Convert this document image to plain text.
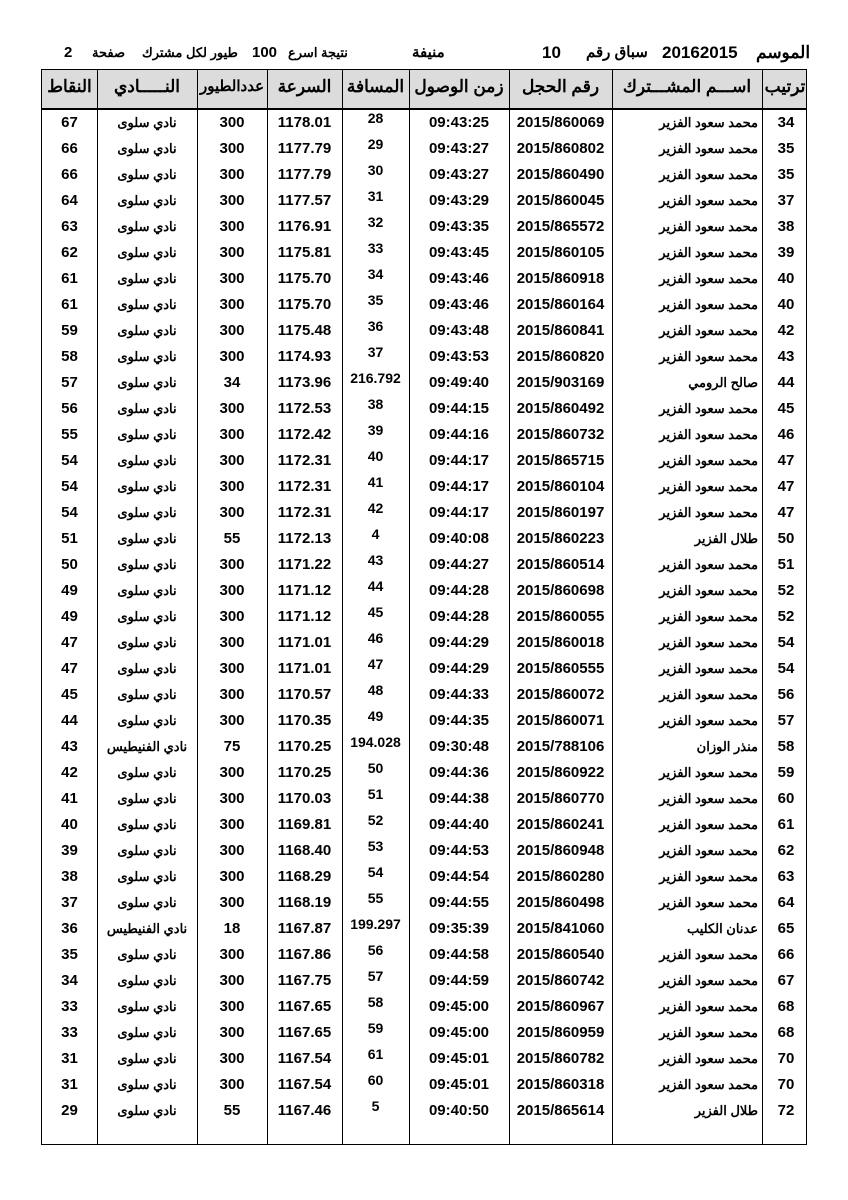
الموسم
20162015
سباق رقم
10
منيفة
نتيجة اسرع
100
طيور لكل مشترك
صفحة
2
ترتيب
اســـم المشـــترك
رقم الحجل
زمن الوصول
المسافة
السرعة
عددالطيور
النـــــادي
النقاط
34
محمد سعود الفزير
2015/860069
09:43:25
28
1178.01
300
نادي سلوى
67
35
محمد سعود الفزير
2015/860802
09:43:27
29
1177.79
300
نادي سلوى
66
35
محمد سعود الفزير
2015/860490
09:43:27
30
1177.79
300
نادي سلوى
66
37
محمد سعود الفزير
2015/860045
09:43:29
31
1177.57
300
نادي سلوى
64
38
محمد سعود الفزير
2015/865572
09:43:35
32
1176.91
300
نادي سلوى
63
39
محمد سعود الفزير
2015/860105
09:43:45
33
1175.81
300
نادي سلوى
62
40
محمد سعود الفزير
2015/860918
09:43:46
34
1175.70
300
نادي سلوى
61
40
محمد سعود الفزير
2015/860164
09:43:46
35
1175.70
300
نادي سلوى
61
42
محمد سعود الفزير
2015/860841
09:43:48
36
1175.48
300
نادي سلوى
59
43
محمد سعود الفزير
2015/860820
09:43:53
37
1174.93
300
نادي سلوى
58
44
صالح الرومي
2015/903169
09:49:40
216.792
1173.96
34
نادي سلوى
57
45
محمد سعود الفزير
2015/860492
09:44:15
38
1172.53
300
نادي سلوى
56
46
محمد سعود الفزير
2015/860732
09:44:16
39
1172.42
300
نادي سلوى
55
47
محمد سعود الفزير
2015/865715
09:44:17
40
1172.31
300
نادي سلوى
54
47
محمد سعود الفزير
2015/860104
09:44:17
41
1172.31
300
نادي سلوى
54
47
محمد سعود الفزير
2015/860197
09:44:17
42
1172.31
300
نادي سلوى
54
50
طلال الفزير
2015/860223
09:40:08
4
1172.13
55
نادي سلوى
51
51
محمد سعود الفزير
2015/860514
09:44:27
43
1171.22
300
نادي سلوى
50
52
محمد سعود الفزير
2015/860698
09:44:28
44
1171.12
300
نادي سلوى
49
52
محمد سعود الفزير
2015/860055
09:44:28
45
1171.12
300
نادي سلوى
49
54
محمد سعود الفزير
2015/860018
09:44:29
46
1171.01
300
نادي سلوى
47
54
محمد سعود الفزير
2015/860555
09:44:29
47
1171.01
300
نادي سلوى
47
56
محمد سعود الفزير
2015/860072
09:44:33
48
1170.57
300
نادي سلوى
45
57
محمد سعود الفزير
2015/860071
09:44:35
49
1170.35
300
نادي سلوى
44
58
منذر الوزان
2015/788106
09:30:48
194.028
1170.25
75
نادي الفنيطيس
43
59
محمد سعود الفزير
2015/860922
09:44:36
50
1170.25
300
نادي سلوى
42
60
محمد سعود الفزير
2015/860770
09:44:38
51
1170.03
300
نادي سلوى
41
61
محمد سعود الفزير
2015/860241
09:44:40
52
1169.81
300
نادي سلوى
40
62
محمد سعود الفزير
2015/860948
09:44:53
53
1168.40
300
نادي سلوى
39
63
محمد سعود الفزير
2015/860280
09:44:54
54
1168.29
300
نادي سلوى
38
64
محمد سعود الفزير
2015/860498
09:44:55
55
1168.19
300
نادي سلوى
37
65
عدنان الكليب
2015/841060
09:35:39
199.297
1167.87
18
نادي الفنيطيس
36
66
محمد سعود الفزير
2015/860540
09:44:58
56
1167.86
300
نادي سلوى
35
67
محمد سعود الفزير
2015/860742
09:44:59
57
1167.75
300
نادي سلوى
34
68
محمد سعود الفزير
2015/860967
09:45:00
58
1167.65
300
نادي سلوى
33
68
محمد سعود الفزير
2015/860959
09:45:00
59
1167.65
300
نادي سلوى
33
70
محمد سعود الفزير
2015/860782
09:45:01
61
1167.54
300
نادي سلوى
31
70
محمد سعود الفزير
2015/860318
09:45:01
60
1167.54
300
نادي سلوى
31
72
طلال الفزير
2015/865614
09:40:50
5
1167.46
55
نادي سلوى
29
